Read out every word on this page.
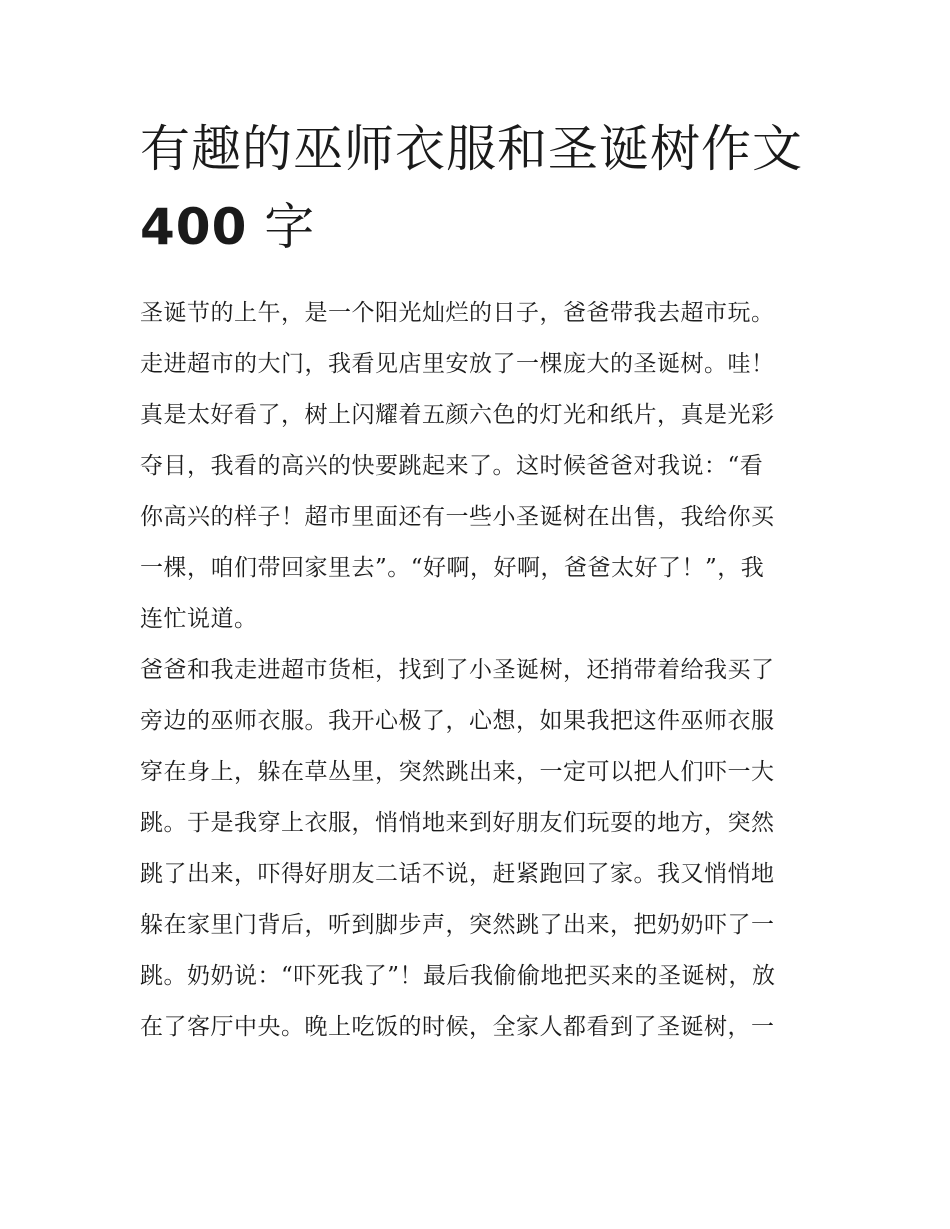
有趣的巫师衣服和圣诞树作文
400 字

圣诞节的上午，是一个阳光灿烂的日子，爸爸带我去超市玩。
走进超市的大门，我看见店里安放了一棵庞大的圣诞树。哇！
真是太好看了，树上闪耀着五颜六色的灯光和纸片，真是光彩
夺目，我看的高兴的快要跳起来了。这时候爸爸对我说：“看
你高兴的样子！超市里面还有一些小圣诞树在出售，我给你买
一棵，咱们带回家里去”。“好啊，好啊，爸爸太好了！”，我
连忙说道。

爸爸和我走进超市货柜，找到了小圣诞树，还捎带着给我买了
旁边的巫师衣服。我开心极了，心想，如果我把这件巫师衣服
穿在身上，躲在草丛里，突然跳出来，一定可以把人们吓一大
跳。于是我穿上衣服，悄悄地来到好朋友们玩耍的地方，突然
跳了出来，吓得好朋友二话不说，赶紧跑回了家。我又悄悄地
躲在家里门背后，听到脚步声，突然跳了出来，把奶奶吓了一
跳。奶奶说：“吓死我了”！最后我偷偷地把买来的圣诞树，放
在了客厅中央。晚上吃饭的时候，全家人都看到了圣诞树，一
